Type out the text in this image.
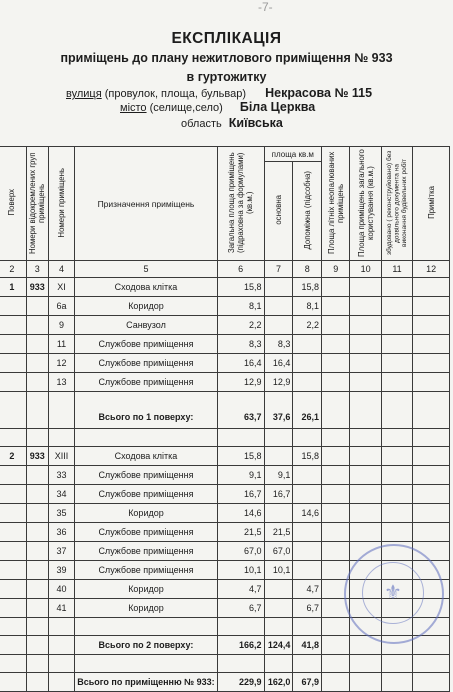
-7-
ЕКСПЛІКАЦІЯ
приміщень до плану нежитлового приміщення № 933
в гуртожитку
вулиця (провулок, площа, бульвар) Некрасова № 115
місто (селище,село) Біла Церква
область Київська
Поверх	Номери відокремлених груп приміщень	Номери приміщень	Призначення приміщень	Загальна площа приміщень (підраховна за формулами) (кв.м.)	площа кв.м		Площа літніх неопалюваних приміщень	Площа приміщень загального користування (кв.м.)	збудовано ( реконструйовано) без дозвільного документа на виконання будівельних робіт	Примітка
					основна	Допоміжна (підсобна)				
2	3	4	5	6	7	8	9	10	11	12
1	933	XI	Сходова клітка	15,8		15,8				
		6а	Коридор	8,1		8,1				
		9	Санвузол	2,2		2,2				
		11	Службове приміщення	8,3	8,3					
		12	Службове приміщення	16,4	16,4					
		13	Службове приміщення	12,9	12,9					
			Всього по 1 поверху:	63,7	37,6	26,1				

2	933	XIII	Сходова клітка	15,8		15,8				
		33	Службове приміщення	9,1	9,1					
		34	Службове приміщення	16,7	16,7					
		35	Коридор	14,6		14,6				
		36	Службове приміщення	21,5	21,5					
		37	Службове приміщення	67,0	67,0					
		39	Службове приміщення	10,1	10,1					
		40	Коридор	4,7		4,7				
		41	Коридор	6,7		6,7				

			Всього по 2 поверху:	166,2	124,4	41,8				

			Всього по приміщенню № 933:	229,9	162,0	67,9				
⚜
